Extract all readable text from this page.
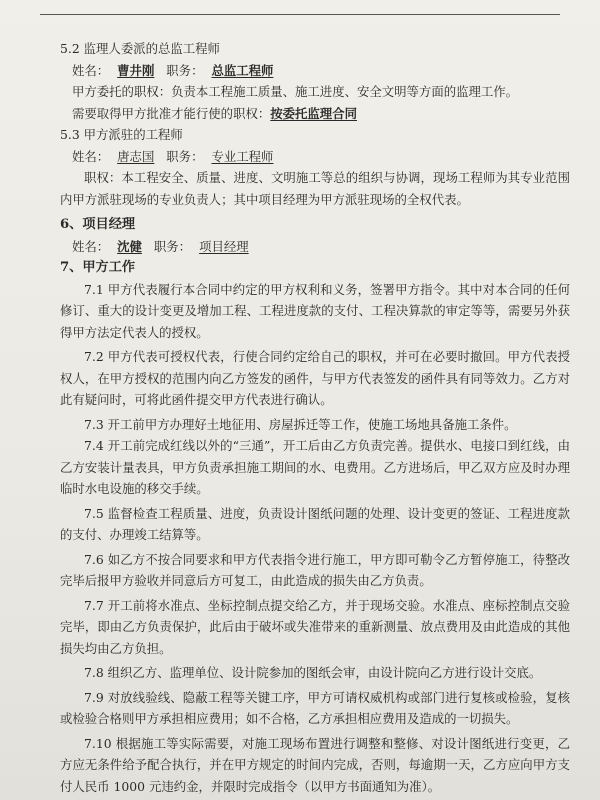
5.2 监理人委派的总监工程师

姓名： 曹井刚 职务： 总监工程师

甲方委托的职权：负责本工程施工质量、施工进度、安全文明等方面的监理工作。

需要取得甲方批准才能行使的职权：按委托监理合同

5.3 甲方派驻的工程师

姓名： 唐志国 职务： 专业工程师

职权：本工程安全、质量、进度、文明施工等总的组织与协调，现场工程师为其专业范围内甲方派驻现场的专业负责人；其中项目经理为甲方派驻现场的全权代表。

6、项目经理

姓名： 沈健 职务： 项目经理

7、甲方工作

7.1 甲方代表履行本合同中约定的甲方权利和义务，签署甲方指令。其中对本合同的任何修订、重大的设计变更及增加工程、工程进度款的支付、工程决算款的审定等等，需要另外获得甲方法定代表人的授权。

7.2 甲方代表可授权代表，行使合同约定给自己的职权，并可在必要时撤回。甲方代表授权人，在甲方授权的范围内向乙方签发的函件，与甲方代表签发的函件具有同等效力。乙方对此有疑问时，可将此函件提交甲方代表进行确认。

7.3 开工前甲方办理好土地征用、房屋拆迁等工作，使施工场地具备施工条件。

7.4 开工前完成红线以外的“三通”，开工后由乙方负责完善。提供水、电接口到红线，由乙方安装计量表具，甲方负责承担施工期间的水、电费用。乙方进场后，甲乙双方应及时办理临时水电设施的移交手续。

7.5 监督检查工程质量、进度，负责设计图纸问题的处理、设计变更的签证、工程进度款的支付、办理竣工结算等。

7.6 如乙方不按合同要求和甲方代表指令进行施工，甲方即可勒令乙方暂停施工，待整改完毕后报甲方验收并同意后方可复工，由此造成的损失由乙方负责。

7.7 开工前将水准点、坐标控制点提交给乙方，并于现场交验。水准点、座标控制点交验完毕，即由乙方负责保护，此后由于破坏或失准带来的重新测量、放点费用及由此造成的其他损失均由乙方负担。

7.8 组织乙方、监理单位、设计院参加的图纸会审，由设计院向乙方进行设计交底。

7.9 对放线验线、隐蔽工程等关键工序，甲方可请权威机构或部门进行复核或检验，复核或检验合格则甲方承担相应费用；如不合格，乙方承担相应费用及造成的一切损失。

7.10 根据施工等实际需要，对施工现场布置进行调整和整修、对设计图纸进行变更，乙方应无条件给予配合执行，并在甲方规定的时间内完成，否则，每逾期一天，乙方应向甲方支付人民币 1000 元违约金，并限时完成指令（以甲方书面通知为准）。
